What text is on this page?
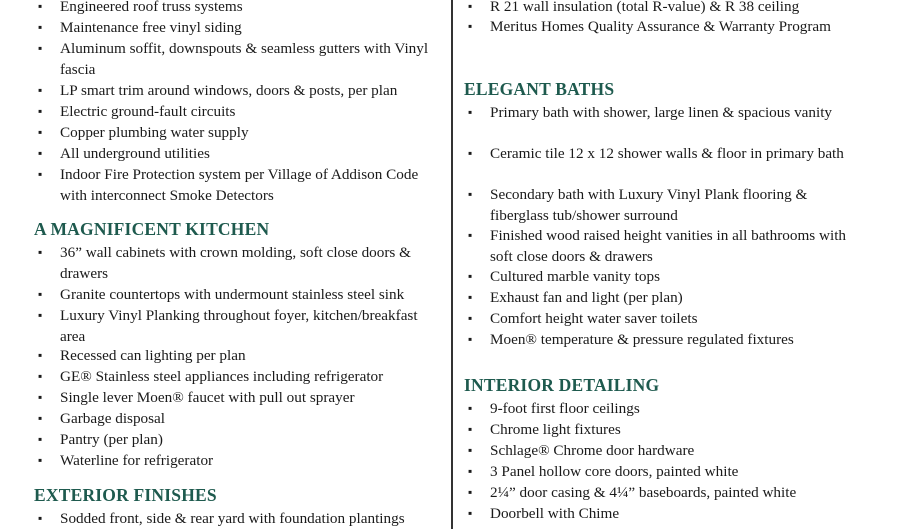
▪ Engineered roof truss systems
▪ Maintenance free vinyl siding
▪ Aluminum soffit, downspouts & seamless gutters with Vinyl fascia
▪ LP smart trim around windows, doors & posts, per plan
▪ Electric ground-fault circuits
▪ Copper plumbing water supply
▪ All underground utilities
▪ Indoor Fire Protection system per Village of Addison Code with interconnect Smoke Detectors
A MAGNIFICENT KITCHEN
▪ 36” wall cabinets with crown molding, soft close doors & drawers
▪ Granite countertops with undermount stainless steel sink
▪ Luxury Vinyl Planking throughout foyer, kitchen/breakfast area
▪ Recessed can lighting per plan
▪ GE® Stainless steel appliances including refrigerator
▪ Single lever Moen® faucet with pull out sprayer
▪ Garbage disposal
▪ Pantry (per plan)
▪ Waterline for refrigerator
EXTERIOR FINISHES
▪ Sodded front, side & rear yard with foundation plantings
▪ R 21 wall insulation (total R-value) & R 38 ceiling
▪ Meritus Homes Quality Assurance & Warranty Program
ELEGANT BATHS
▪ Primary bath with shower, large linen & spacious vanity
▪ Ceramic tile 12 x 12 shower walls & floor in primary bath
▪ Secondary bath with Luxury Vinyl Plank flooring & fiberglass tub/shower surround
▪ Finished wood raised height vanities in all bathrooms with soft close doors & drawers
▪ Cultured marble vanity tops
▪ Exhaust fan and light (per plan)
▪ Comfort height water saver toilets
▪ Moen® temperature & pressure regulated fixtures
INTERIOR DETAILING
▪ 9-foot first floor ceilings
▪ Chrome light fixtures
▪ Schlage® Chrome door hardware
▪ 3 Panel hollow core doors, painted white
▪ 2¼” door casing & 4¼” baseboards, painted white
▪ Doorbell with Chime
